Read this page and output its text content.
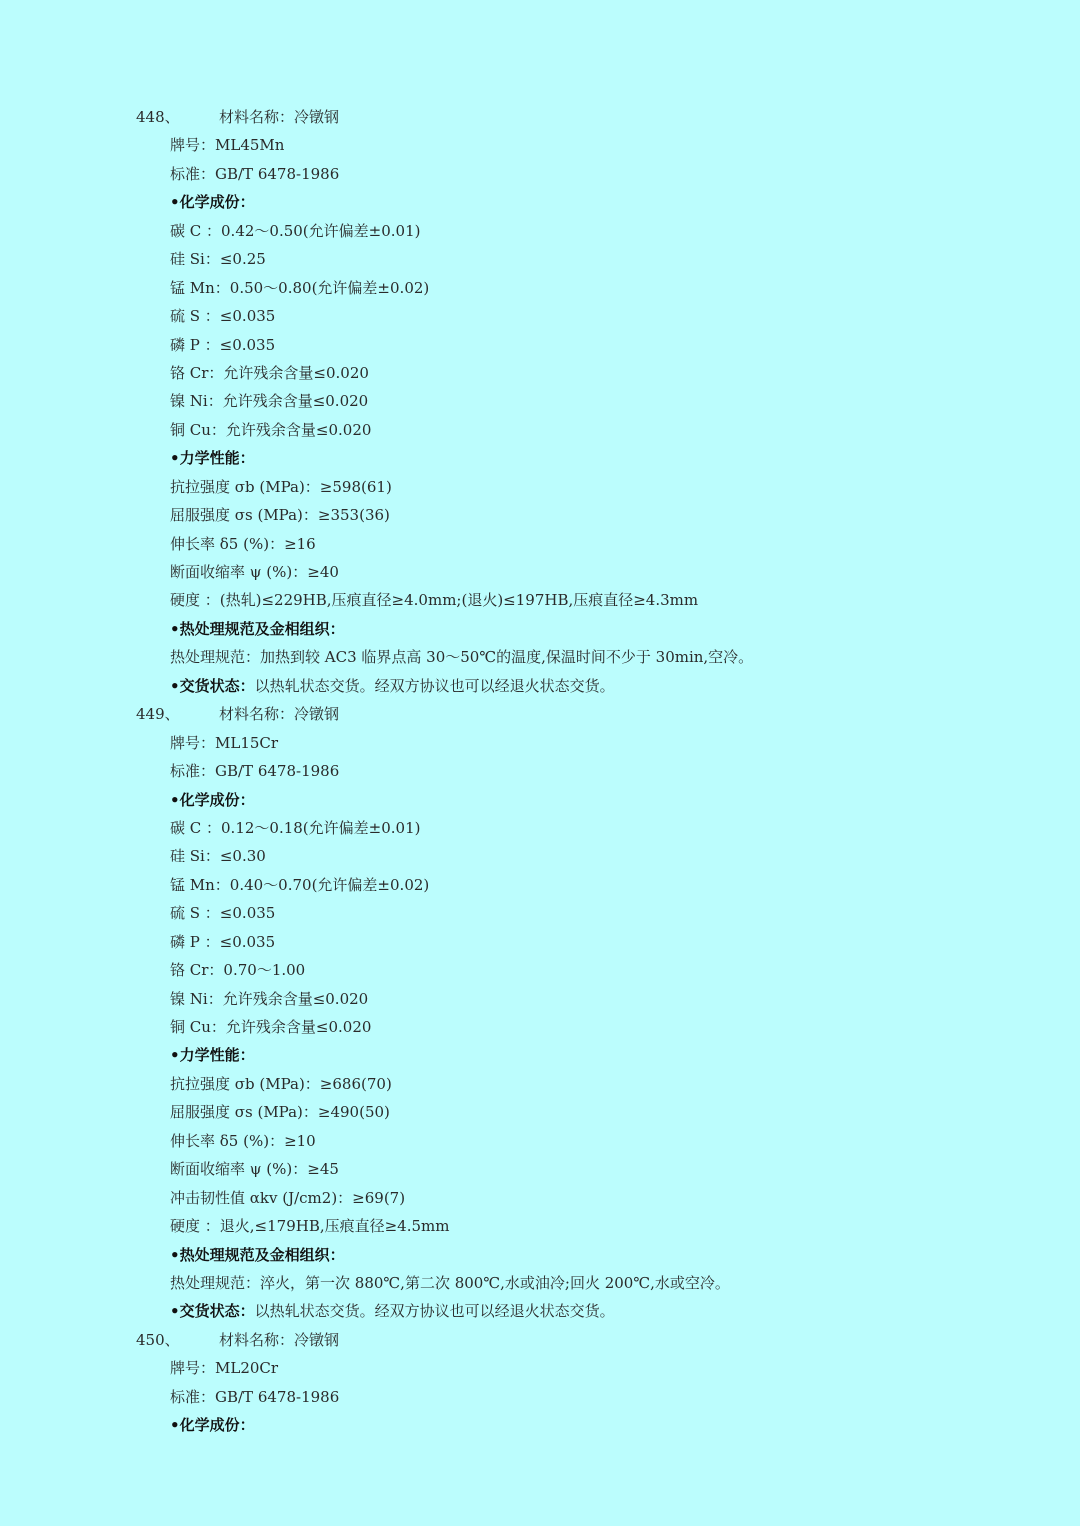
448、	材料名称：冷镦钢
牌号：ML45Mn
标准：GB/T 6478-1986
•化学成份：
碳 C ：0.42～0.50(允许偏差±0.01)
硅 Si：≤0.25
锰 Mn：0.50～0.80(允许偏差±0.02)
硫 S ：≤0.035
磷 P ：≤0.035
铬 Cr：允许残余含量≤0.020
镍 Ni：允许残余含量≤0.020
铜 Cu：允许残余含量≤0.020
•力学性能：
抗拉强度 σb (MPa)：≥598(61)
屈服强度 σs (MPa)：≥353(36)
伸长率 δ5 (%)：≥16
断面收缩率 ψ (%)：≥40
硬度 ：(热轧)≤229HB,压痕直径≥4.0mm;(退火)≤197HB,压痕直径≥4.3mm
•热处理规范及金相组织：
热处理规范：加热到较 AC3 临界点高 30～50℃的温度,保温时间不少于 30min,空冷。
•交货状态：以热轧状态交货。经双方协议也可以经退火状态交货。
449、	材料名称：冷镦钢
牌号：ML15Cr
标准：GB/T 6478-1986
•化学成份：
碳 C ：0.12～0.18(允许偏差±0.01)
硅 Si：≤0.30
锰 Mn：0.40～0.70(允许偏差±0.02)
硫 S ：≤0.035
磷 P ：≤0.035
铬 Cr：0.70～1.00
镍 Ni：允许残余含量≤0.020
铜 Cu：允许残余含量≤0.020
•力学性能：
抗拉强度 σb (MPa)：≥686(70)
屈服强度 σs (MPa)：≥490(50)
伸长率 δ5 (%)：≥10
断面收缩率 ψ (%)：≥45
冲击韧性值 αkv (J/cm2)：≥69(7)
硬度 ：退火,≤179HB,压痕直径≥4.5mm
•热处理规范及金相组织：
热处理规范：淬火，第一次 880℃,第二次 800℃,水或油冷;回火 200℃,水或空冷。
•交货状态：以热轧状态交货。经双方协议也可以经退火状态交货。
450、	材料名称：冷镦钢
牌号：ML20Cr
标准：GB/T 6478-1986
•化学成份：
